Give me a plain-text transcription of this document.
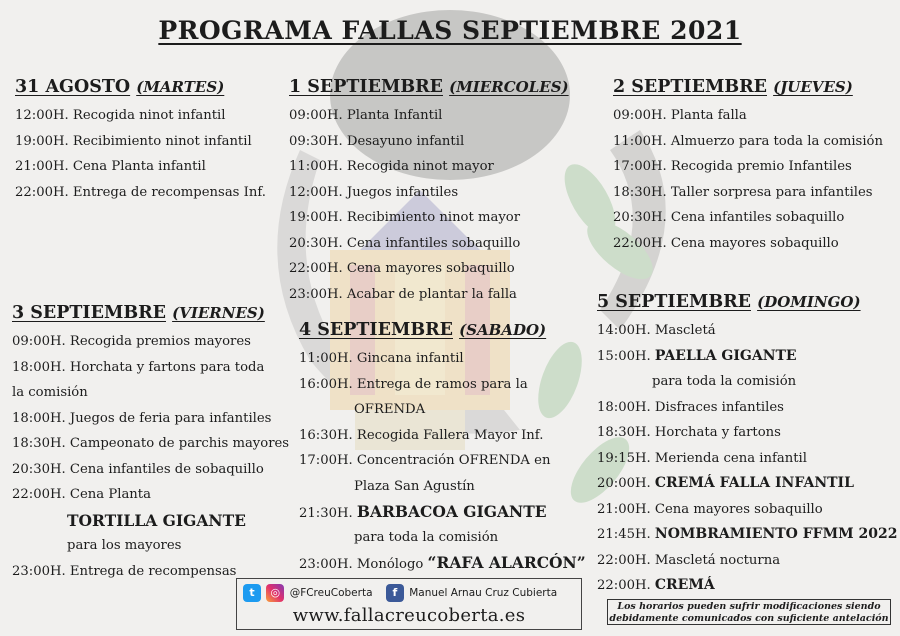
PROGRAMA FALLAS SEPTIEMBRE 2021
31 AGOSTO (MARTES)
12:00H. Recogida ninot infantil
19:00H. Recibimiento ninot infantil
21:00H. Cena Planta infantil
22:00H. Entrega de recompensas Inf.
1 SEPTIEMBRE (MIERCOLES)
09:00H. Planta Infantil
09:30H. Desayuno infantil
11:00H. Recogida ninot mayor
12:00H. Juegos infantiles
19:00H. Recibimiento ninot mayor
20:30H. Cena infantiles sobaquillo
22:00H. Cena mayores sobaquillo
23:00H. Acabar de plantar la falla
2 SEPTIEMBRE (JUEVES)
09:00H. Planta falla
11:00H. Almuerzo para toda la comisión
17:00H. Recogida premio Infantiles
18:30H. Taller sorpresa para infantiles
20:30H. Cena infantiles sobaquillo
22:00H. Cena mayores sobaquillo
3 SEPTIEMBRE (VIERNES)
09:00H. Recogida premios mayores
18:00H. Horchata y fartons para toda
la comisión
18:00H. Juegos de feria para infantiles
18:30H. Campeonato de parchis mayores
20:30H. Cena infantiles de sobaquillo
22:00H. Cena Planta
TORTILLA GIGANTE
para los mayores
23:00H. Entrega de recompensas
4 SEPTIEMBRE (SABADO)
11:00H. Gincana infantil
16:00H. Entrega de ramos para la
OFRENDA
16:30H. Recogida Fallera Mayor Inf.
17:00H. Concentración OFRENDA en
Plaza San Agustín
21:30H. BARBACOA GIGANTE
para toda la comisión
23:00H. Monólogo “RAFA ALARCÓN”
5 SEPTIEMBRE (DOMINGO)
14:00H. Mascletá
15:00H. PAELLA GIGANTE
para toda la comisión
18:00H. Disfraces infantiles
18:30H. Horchata y fartons
19:15H. Merienda cena infantil
20:00H. CREMÁ FALLA INFANTIL
21:00H. Cena mayores sobaquillo
21:45H. NOMBRAMIENTO FFMM 2022
22:00H. Mascletá nocturna
22:00H. CREMÁ
t ◎ @FCreuCoberta f Manuel Arnau Cruz Cubierta
www.fallacreucoberta.es	Los horarios pueden sufrir modificaciones siendo
debidamente comunicados con suficiente antelación
